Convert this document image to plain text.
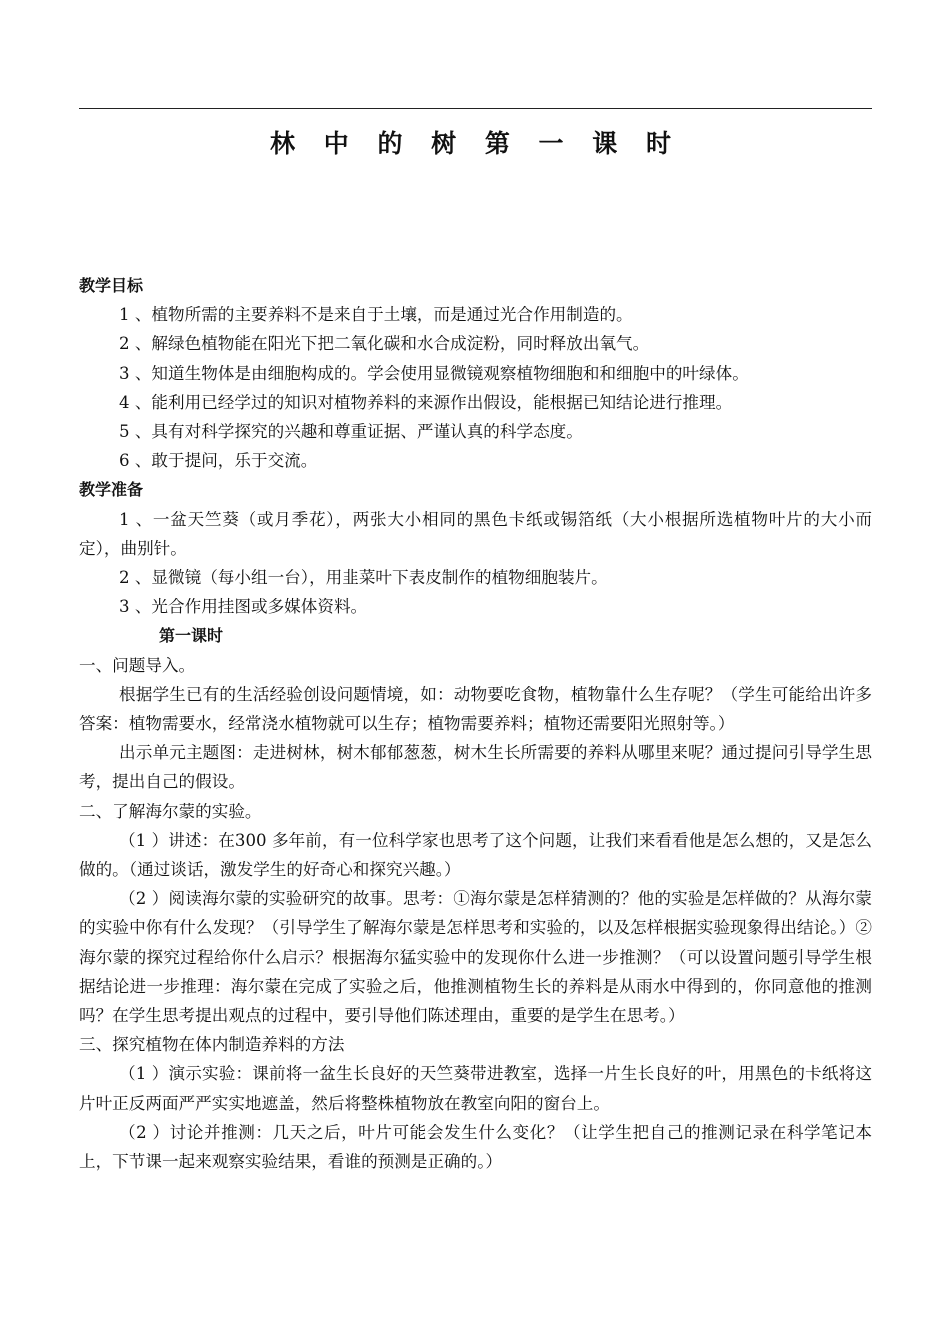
林 中 的 树 第 一 课 时

教学目标

1 、植物所需的主要养料不是来自于土壤，而是通过光合作用制造的。

2 、解绿色植物能在阳光下把二氧化碳和水合成淀粉，同时释放出氧气。

3 、知道生物体是由细胞构成的。学会使用显微镜观察植物细胞和和细胞中的叶绿体。

4 、能利用已经学过的知识对植物养料的来源作出假设，能根据已知结论进行推理。

5 、具有对科学探究的兴趣和尊重证据、严谨认真的科学态度。

6 、敢于提问，乐于交流。

教学准备

1 、一盆天竺葵（或月季花），两张大小相同的黑色卡纸或锡箔纸（大小根据所选植物叶片的大小而定），曲别针。

2 、显微镜（每小组一台），用韭菜叶下表皮制作的植物细胞装片。

3 、光合作用挂图或多媒体资料。

第一课时

一、问题导入。

根据学生已有的生活经验创设问题情境，如：动物要吃食物，植物靠什么生存呢？（学生可能给出许多答案：植物需要水，经常浇水植物就可以生存；植物需要养料；植物还需要阳光照射等。）

出示单元主题图：走进树林，树木郁郁葱葱，树木生长所需要的养料从哪里来呢？通过提问引导学生思考，提出自己的假设。

二、了解海尔蒙的实验。

（1 ）讲述：在300 多年前，有一位科学家也思考了这个问题，让我们来看看他是怎么想的，又是怎么做的。（通过谈话，激发学生的好奇心和探究兴趣。）

（2 ）阅读海尔蒙的实验研究的故事。思考：①海尔蒙是怎样猜测的？他的实验是怎样做的？从海尔蒙的实验中你有什么发现？（引导学生了解海尔蒙是怎样思考和实验的，以及怎样根据实验现象得出结论。）②海尔蒙的探究过程给你什么启示？根据海尔猛实验中的发现你什么进一步推测？（可以设置问题引导学生根据结论进一步推理：海尔蒙在完成了实验之后，他推测植物生长的养料是从雨水中得到的，你同意他的推测吗？在学生思考提出观点的过程中，要引导他们陈述理由，重要的是学生在思考。）

三、探究植物在体内制造养料的方法

（1 ）演示实验：课前将一盆生长良好的天竺葵带进教室，选择一片生长良好的叶，用黑色的卡纸将这片叶正反两面严严实实地遮盖，然后将整株植物放在教室向阳的窗台上。

（2 ）讨论并推测：几天之后，叶片可能会发生什么变化？（让学生把自己的推测记录在科学笔记本上，下节课一起来观察实验结果，看谁的预测是正确的。）
